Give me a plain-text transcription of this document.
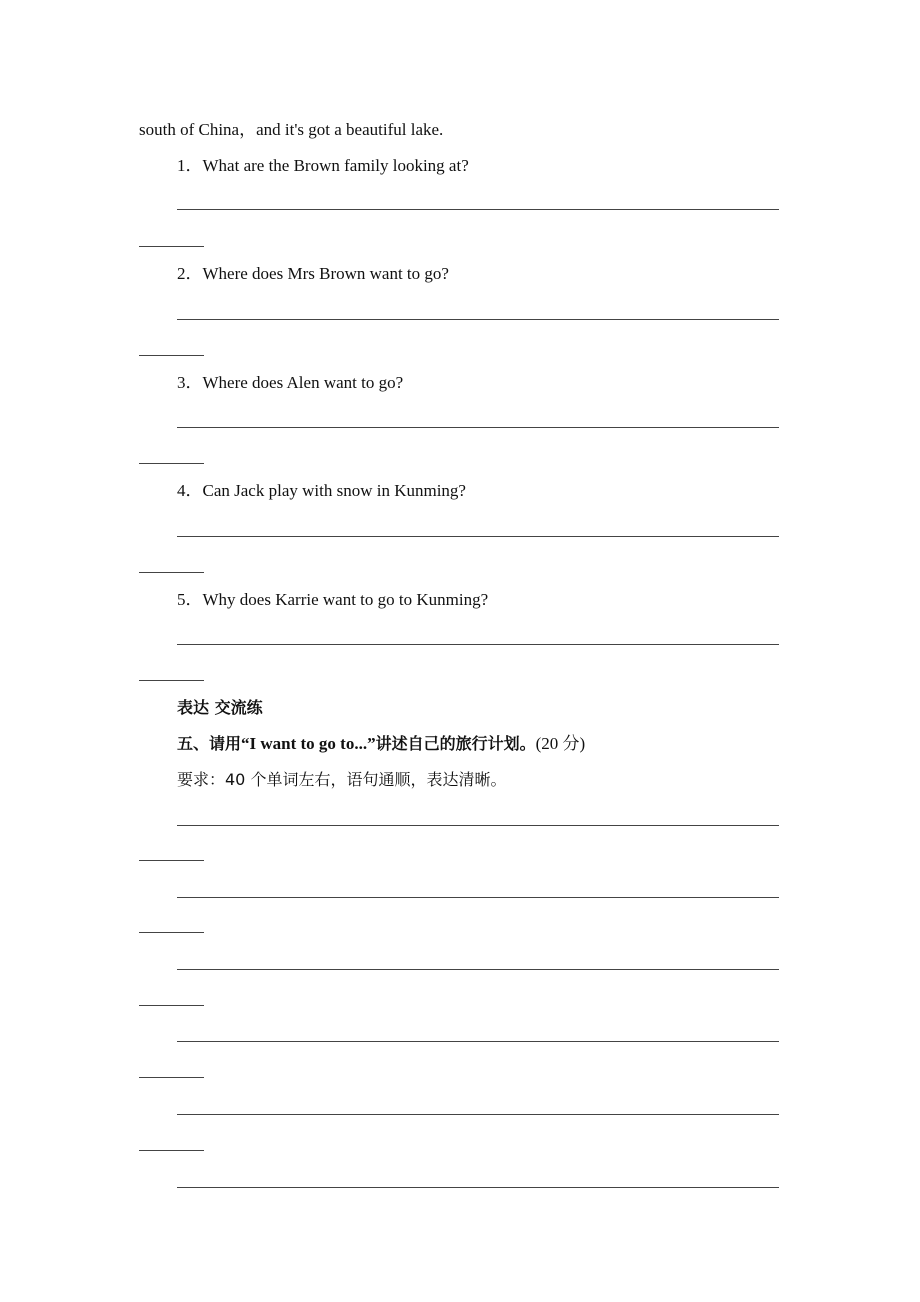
south of China，and it's got a beautiful lake.
1．What are the Brown family looking at?
2．Where does Mrs Brown want to go?
3．Where does Alen want to go?
4．Can Jack play with snow in Kunming?
5．Why does Karrie want to go to Kunming?
表达 交流练
五、请用“I want to go to...”讲述自己的旅行计划。(20 分)
要求：40 个单词左右，语句通顺，表达清晰。
